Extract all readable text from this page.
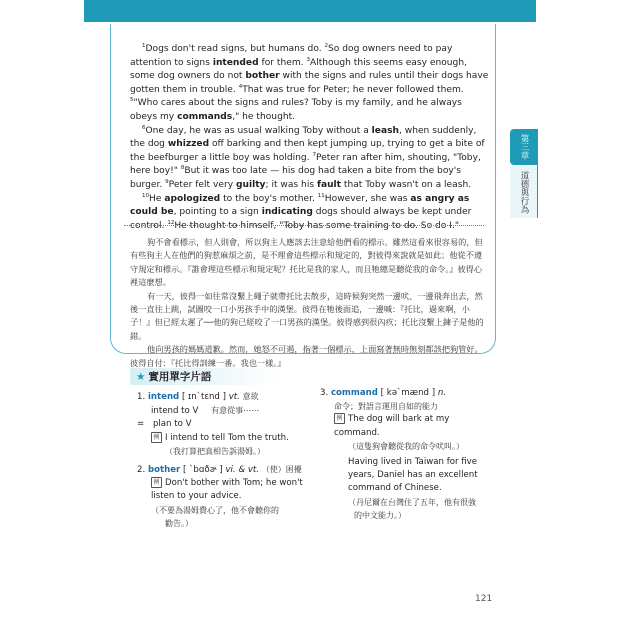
$^1$Dogs don't read signs, but humans do. $^2$So dog owners need to pay attention to signs intended for them. $^3$Although this seems easy enough, some dog owners do not bother with the signs and rules until their dogs have gotten them in trouble. $^4$That was true for Peter; he never followed them. $^5$"Who cares about the signs and rules? Toby is my family, and he always obeys my commands," he thought.

$^6$One day, he was as usual walking Toby without a leash, when suddenly, the dog whizzed off barking and then kept jumping up, trying to get a bite of the beefburger a little boy was holding. $^7$Peter ran after him, shouting, "Toby, here boy!" $^8$But it was too late — his dog had taken a bite from the boy's burger. $^9$Peter felt very guilty; it was his fault that Toby wasn't on a leash.

$^{10}$He apologized to the boy's mother. $^{11}$However, she was as angry as could be, pointing to a sign indicating dogs should always be kept under control. $^{12}$He thought to himself, "Toby has some training to do. So do I."

狗不會看標示，但人則會，所以狗主人應該去注意給他們看的標示。雖然這看來很容易的，但有些狗主人在他們的狗惹麻煩之前，是不理會這些標示和規定的，對彼得來說就是如此；他從不遵守規定和標示。『誰會理這些標示和規定呢？托比是我的家人，而且牠總是聽從我的命令。』彼得心裡這麼想。

有一天，彼得一如往常沒繫上繩子就帶托比去散步，這時候狗突然一邊吠、一邊飛奔出去，然後一直往上跳，試圖咬一口小男孩手中的漢堡。彼得在牠後面追，一邊喊：『托比，過來啊，小子！』但已經太遲了──他的狗已經咬了一口男孩的漢堡。彼得感到很內疚；托比沒繫上鍊子是他的錯。

他向男孩的媽媽道歉。然而，她怒不可遏，指著一個標示，上面寫著無時無刻都該把狗管好。彼得自付：『托比得訓練一番。我也一樣。』

第三章
道德與行為
★ 實用單字片語
1. intend [ ɪnˋtɛnd ] vt. 意欲
intend to V 有意從事⋯⋯
= plan to V
例 I intend to tell Tom the truth.
（我打算把真相告訴湯姆。）
2. bother [ ˋbɑðɚ ] vi. & vt. （使）困擾
例 Don't bother with Tom; he won't
listen to your advice.
（不要為湯姆費心了，他不會聽你的
勸告。）
3. command [ kəˋmænd ] n.
命令；對語言運用自如的能力
例 The dog will bark at my command.
（這隻狗會聽從我的命令吠叫。）
Having lived in Taiwan for five
years, Daniel has an excellent
command of Chinese.
（丹尼爾在台灣住了五年，他有很強
的中文能力。）
121
